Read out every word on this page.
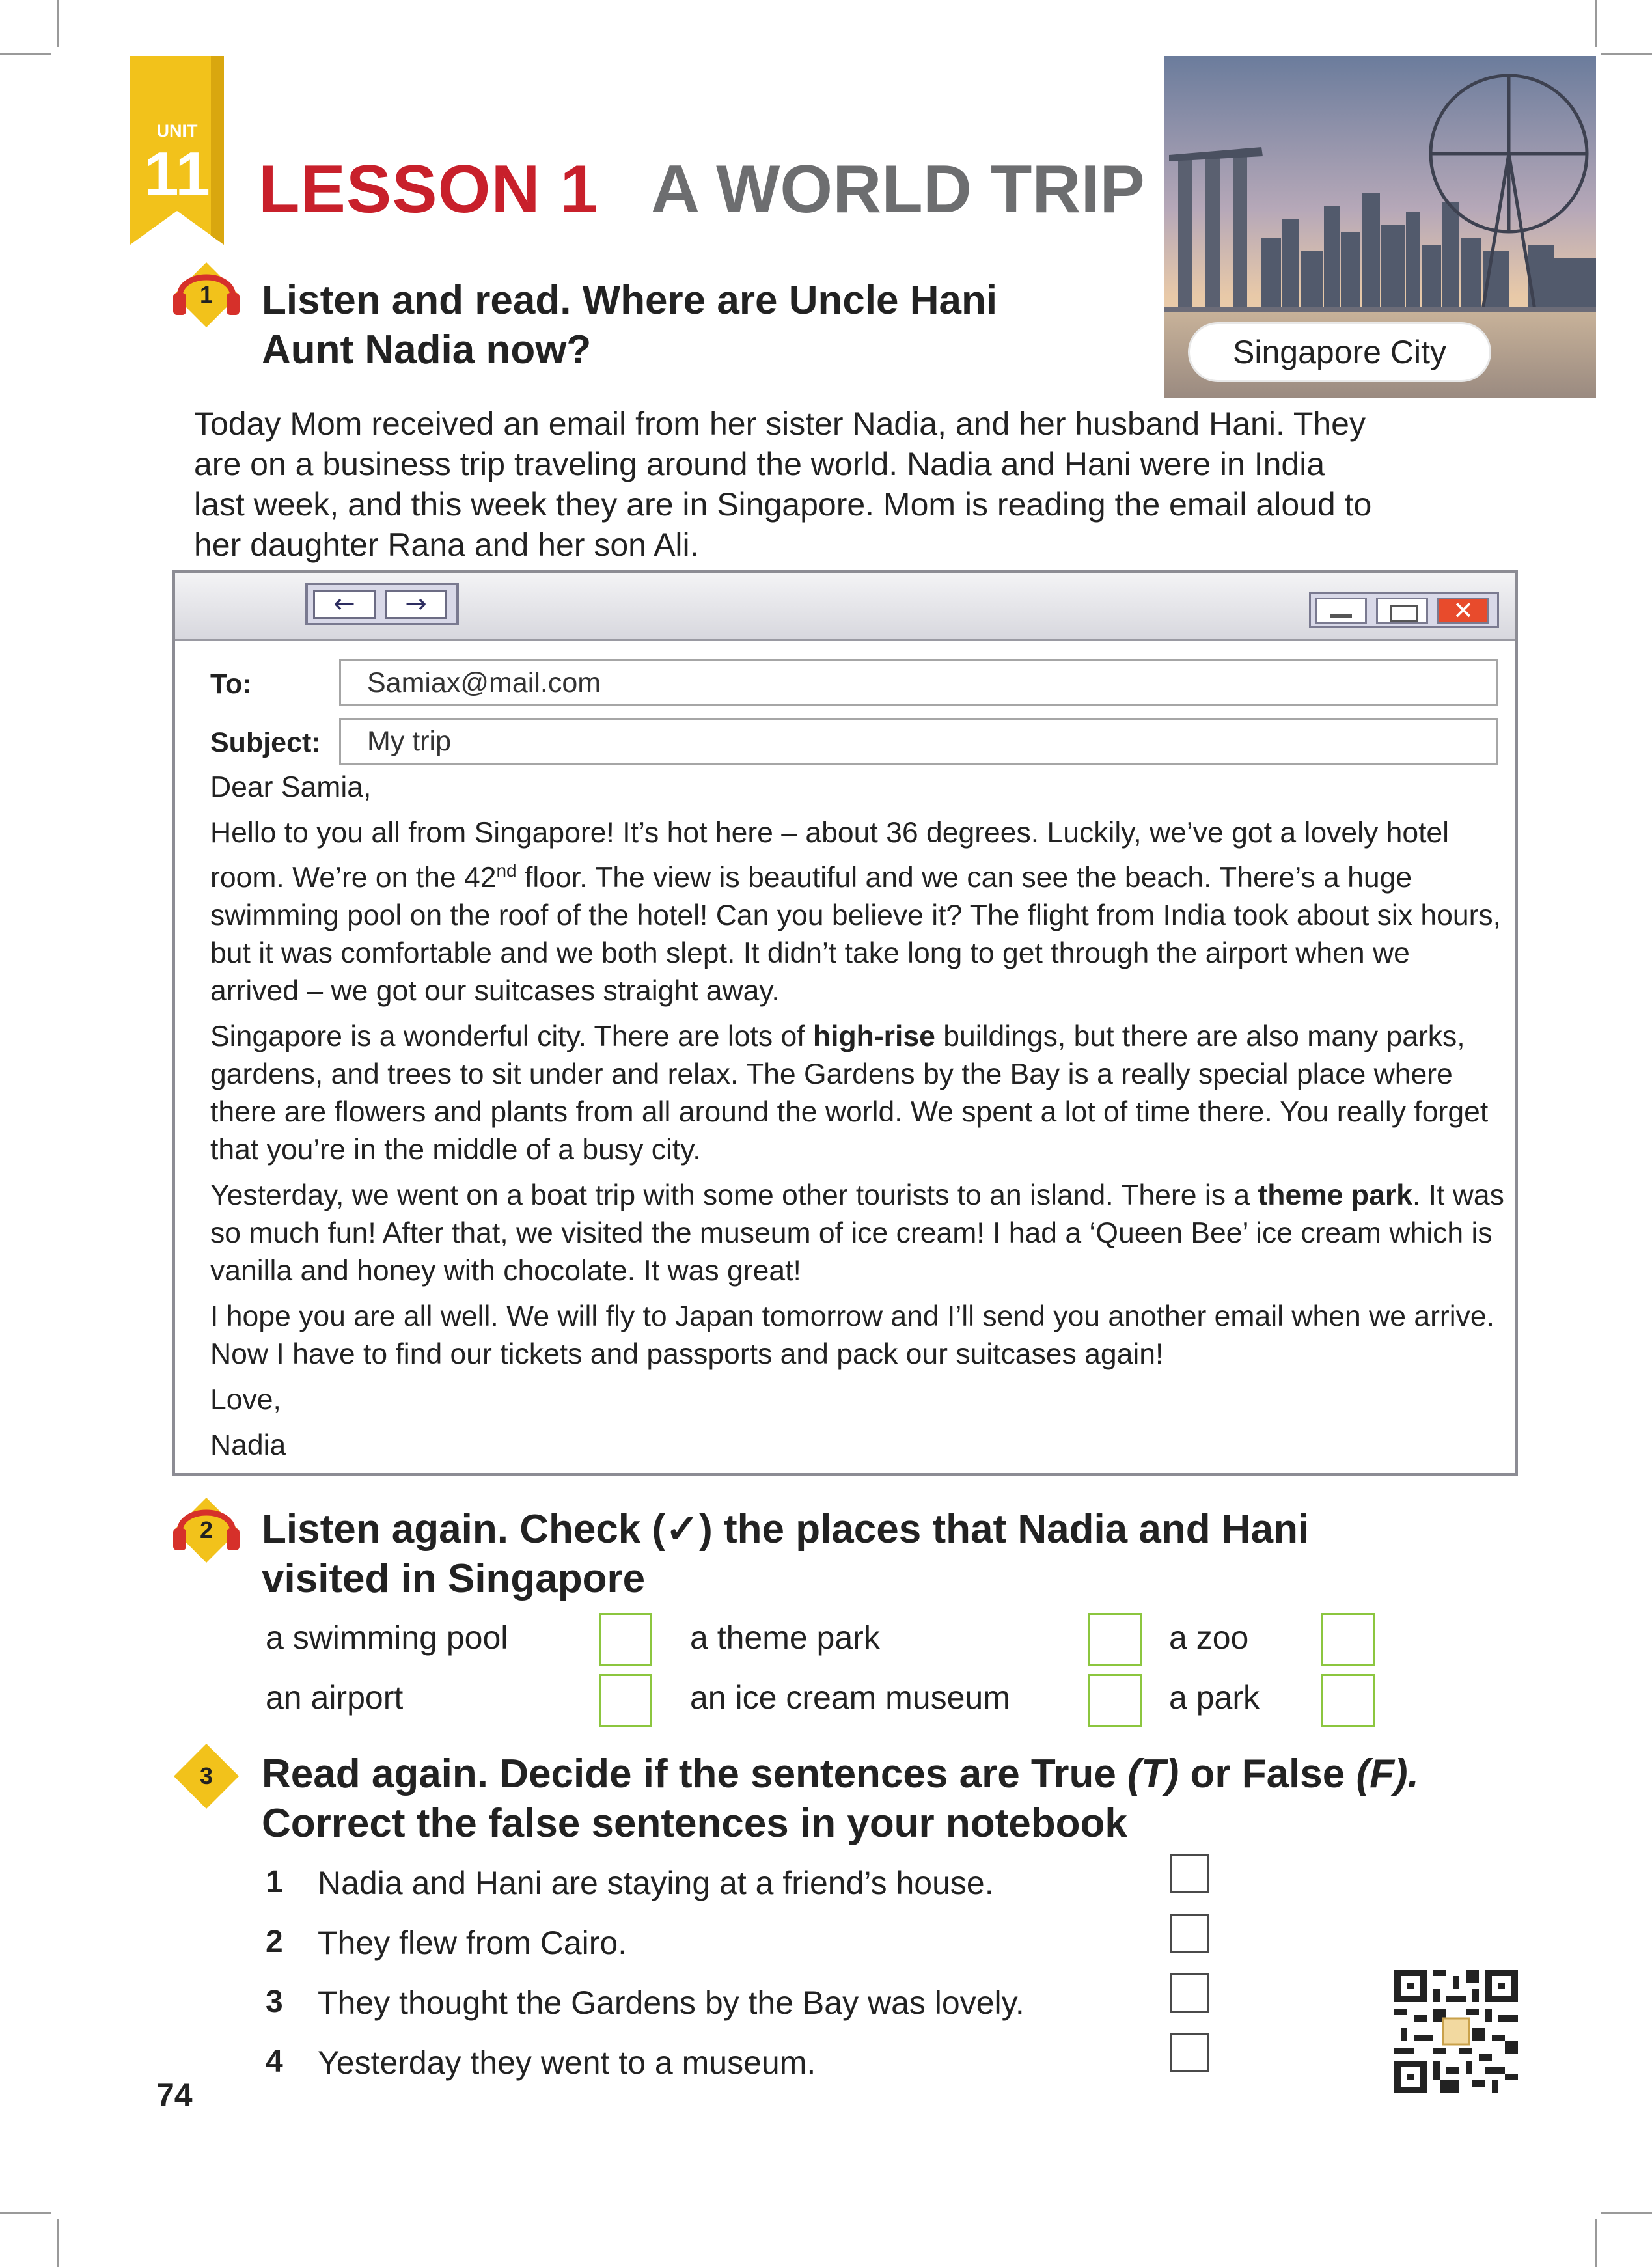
UNIT
11 LESSON 1 A WORLD TRIP
Singapore City
1	Listen and read. Where are Uncle Hani
Aunt Nadia now?

Today Mom received an email from her sister Nadia, and her husband Hani. They

are on a business trip traveling around the world. Nadia and Hani were in India

last week, and this week they are in Singapore. Mom is reading the email aloud to

her daughter Rana and her son Ali.

←	→	✕
To:	Samiax@mail.com
Subject:	My trip

Dear Samia,

Hello to you all from Singapore! It’s hot here – about 36 degrees. Luckily, we’ve got a lovely hotel room. We’re on the 42nd floor. The view is beautiful and we can see the beach. There’s a huge swimming pool on the roof of the hotel! Can you believe it? The flight from India took about six hours, but it was comfortable and we both slept. It didn’t take long to get through the airport when we arrived – we got our suitcases straight away.

Singapore is a wonderful city. There are lots of high-rise buildings, but there are also many parks, gardens, and trees to sit under and relax. The Gardens by the Bay is a really special place where there are flowers and plants from all around the world. We spent a lot of time there. You really forget that you’re in the middle of a busy city.

Yesterday, we went on a boat trip with some other tourists to an island. There is a theme park. It was so much fun! After that, we visited the museum of ice cream! I had a ‘Queen Bee’ ice cream which is vanilla and honey with chocolate. It was great!

I hope you are all well. We will fly to Japan tomorrow and I’ll send you another email when we arrive. Now I have to find our tickets and passports and pack our suitcases again!

Love,

Nadia

2	Listen again. Check (✓) the places that Nadia and Hani
visited in Singapore
a swimming pool	a theme park	a zoo
an airport	an ice cream museum	a park
3	Read again. Decide if the sentences are True (T) or False (F).
Correct the false sentences in your notebook
1 Nadia and Hani are staying at a friend’s house.
2 They flew from Cairo.
3 They thought the Gardens by the Bay was lovely.
4 Yesterday they went to a museum.
74
